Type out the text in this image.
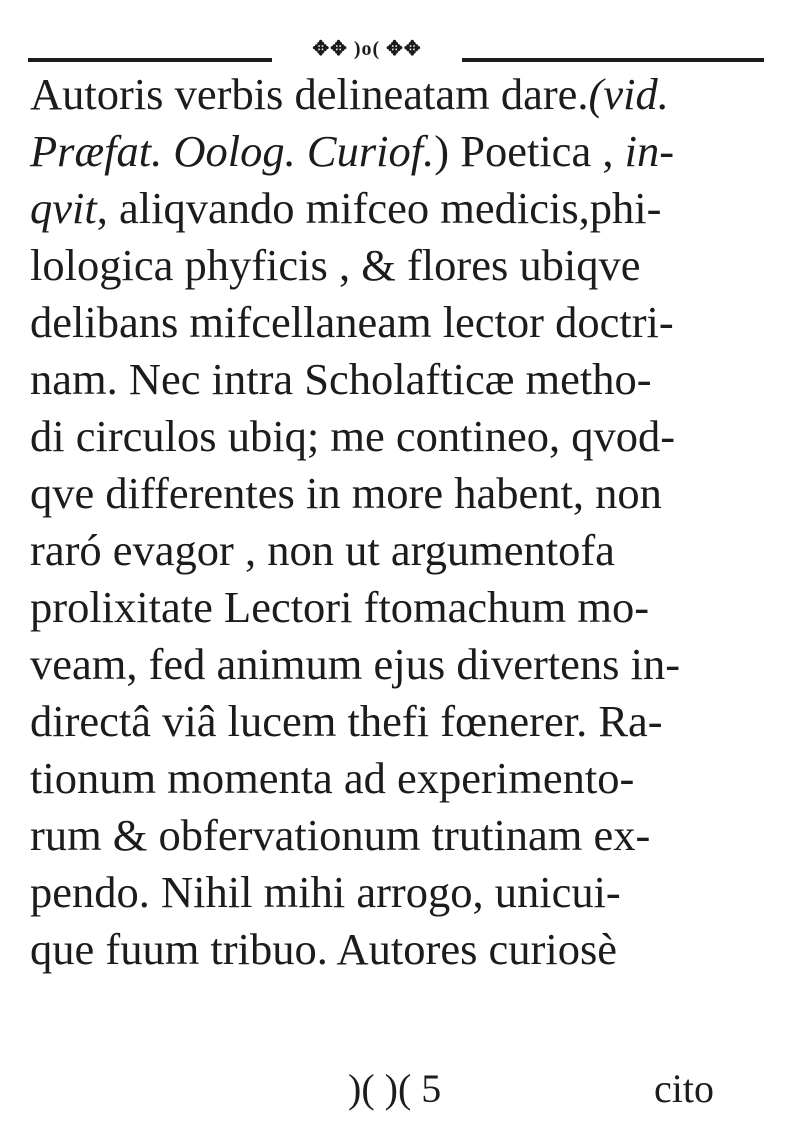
✥✥ )o( ✥✥
Autoris verbis delineatam dare.(vid.
Præfat. Oolog. Curiof.) Poetica , in-
qvit, aliqvando mifceo medicis,phi-
lologica phyficis , & flores ubiqve
delibans mifcellaneam lector doctri-
nam. Nec intra Scholafticæ metho-
di circulos ubiq; me contineo, qvod-
qve differentes in more habent, non
raró evagor , non ut argumentofa
prolixitate Lectori ftomachum mo-
veam, fed animum ejus divertens in-
directâ viâ lucem thefi fœnerer. Ra-
tionum momenta ad experimento-
rum & obfervationum trutinam ex-
pendo. Nihil mihi arrogo, unicui-
que fuum tribuo. Autores curiosè
)( )( 5	cito
